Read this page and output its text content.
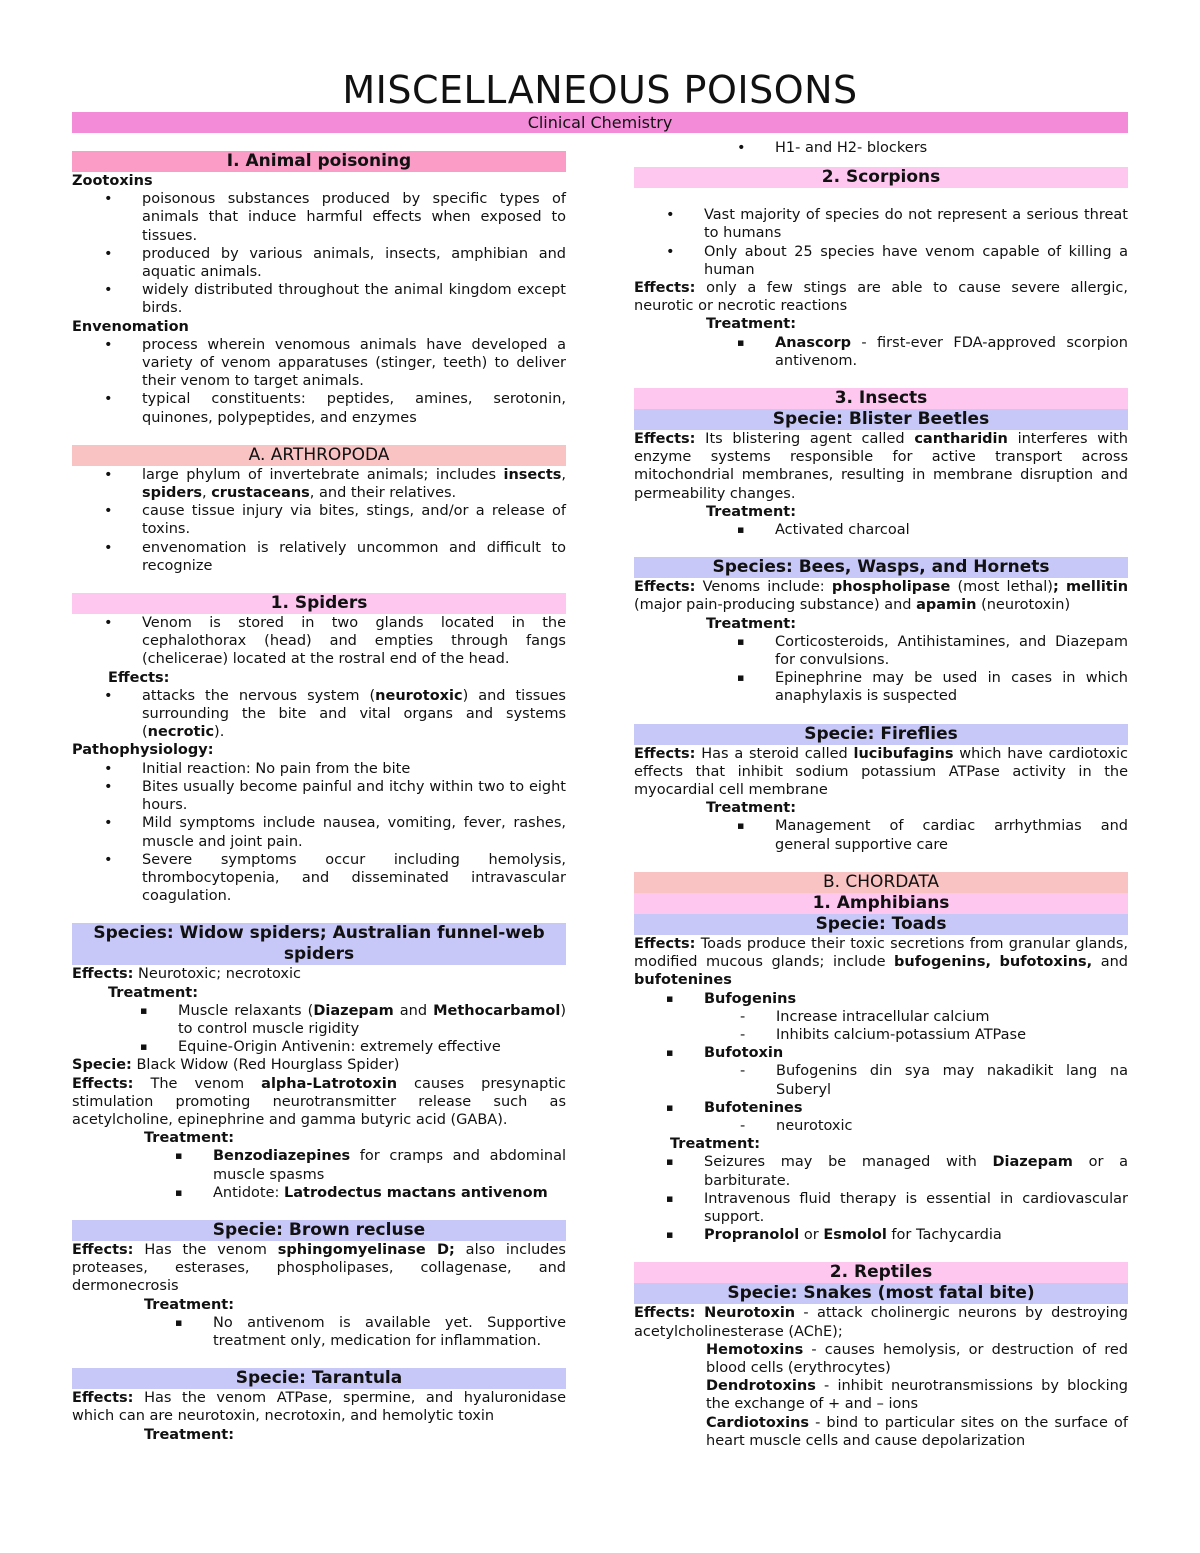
MISCELLANEOUS POISONS
Clinical Chemistry
I. Animal poisoning
Zootoxins
• poisonous substances produced by specific types of animals that induce harmful effects when exposed to tissues.
• produced by various animals, insects, amphibian and aquatic animals.
• widely distributed throughout the animal kingdom except birds.
Envenomation
• process wherein venomous animals have developed a variety of venom apparatuses (stinger, teeth) to deliver their venom to target animals.
• typical constituents: peptides, amines, serotonin, quinones, polypeptides, and enzymes
A. ARTHROPODA
• large phylum of invertebrate animals; includes insects, spiders, crustaceans, and their relatives.
• cause tissue injury via bites, stings, and/or a release of toxins.
• envenomation is relatively uncommon and difficult to recognize
1. Spiders
• Venom is stored in two glands located in the cephalothorax (head) and empties through fangs (chelicerae) located at the rostral end of the head.
Effects:
• attacks the nervous system (neurotoxic) and tissues surrounding the bite and vital organs and systems (necrotic).
Pathophysiology:
• Initial reaction: No pain from the bite
• Bites usually become painful and itchy within two to eight hours.
• Mild symptoms include nausea, vomiting, fever, rashes, muscle and joint pain.
• Severe symptoms occur including hemolysis, thrombocytopenia, and disseminated intravascular coagulation.
Species: Widow spiders; Australian funnel-web spiders
Effects: Neurotoxic; necrotoxic
Treatment:
▪ Muscle relaxants (Diazepam and Methocarbamol) to control muscle rigidity
▪ Equine-Origin Antivenin: extremely effective
Specie: Black Widow (Red Hourglass Spider)
Effects: The venom alpha-Latrotoxin causes presynaptic stimulation promoting neurotransmitter release such as acetylcholine, epinephrine and gamma butyric acid (GABA).
Treatment:
▪ Benzodiazepines for cramps and abdominal muscle spasms
▪ Antidote: Latrodectus mactans antivenom
Specie: Brown recluse
Effects: Has the venom sphingomyelinase D; also includes proteases, esterases, phospholipases, collagenase, and dermonecrosis
Treatment:
▪ No antivenom is available yet. Supportive treatment only, medication for inflammation.
Specie: Tarantula
Effects: Has the venom ATPase, spermine, and hyaluronidase which can are neurotoxin, necrotoxin, and hemolytic toxin
Treatment:
• H1- and H2- blockers
2. Scorpions
• Vast majority of species do not represent a serious threat to humans
• Only about 25 species have venom capable of killing a human
Effects: only a few stings are able to cause severe allergic, neurotic or necrotic reactions
Treatment:
▪ Anascorp - first-ever FDA-approved scorpion antivenom.
3. Insects
Specie: Blister Beetles
Effects: Its blistering agent called cantharidin interferes with enzyme systems responsible for active transport across mitochondrial membranes, resulting in membrane disruption and permeability changes.
Treatment:
▪ Activated charcoal
Species: Bees, Wasps, and Hornets
Effects: Venoms include: phospholipase (most lethal); mellitin (major pain-producing substance) and apamin (neurotoxin)
Treatment:
▪ Corticosteroids, Antihistamines, and Diazepam for convulsions.
▪ Epinephrine may be used in cases in which anaphylaxis is suspected
Specie: Fireflies
Effects: Has a steroid called lucibufagins which have cardiotoxic effects that inhibit sodium potassium ATPase activity in the myocardial cell membrane
Treatment:
▪ Management of cardiac arrhythmias and general supportive care
B. CHORDATA
1. Amphibians
Specie: Toads
Effects: Toads produce their toxic secretions from granular glands, modified mucous glands; include bufogenins, bufotoxins, and bufotenines
▪ Bufogenins
- Increase intracellular calcium
- Inhibits calcium-potassium ATPase
▪ Bufotoxin
- Bufogenins din sya may nakadikit lang na Suberyl
▪ Bufotenines
- neurotoxic
Treatment:
▪ Seizures may be managed with Diazepam or a barbiturate.
▪ Intravenous fluid therapy is essential in cardiovascular support.
▪ Propranolol or Esmolol for Tachycardia
2. Reptiles
Specie: Snakes (most fatal bite)
Effects: Neurotoxin - attack cholinergic neurons by destroying acetylcholinesterase (AChE);
Hemotoxins - causes hemolysis, or destruction of red blood cells (erythrocytes)
Dendrotoxins - inhibit neurotransmissions by blocking the exchange of + and – ions
Cardiotoxins - bind to particular sites on the surface of heart muscle cells and cause depolarization
